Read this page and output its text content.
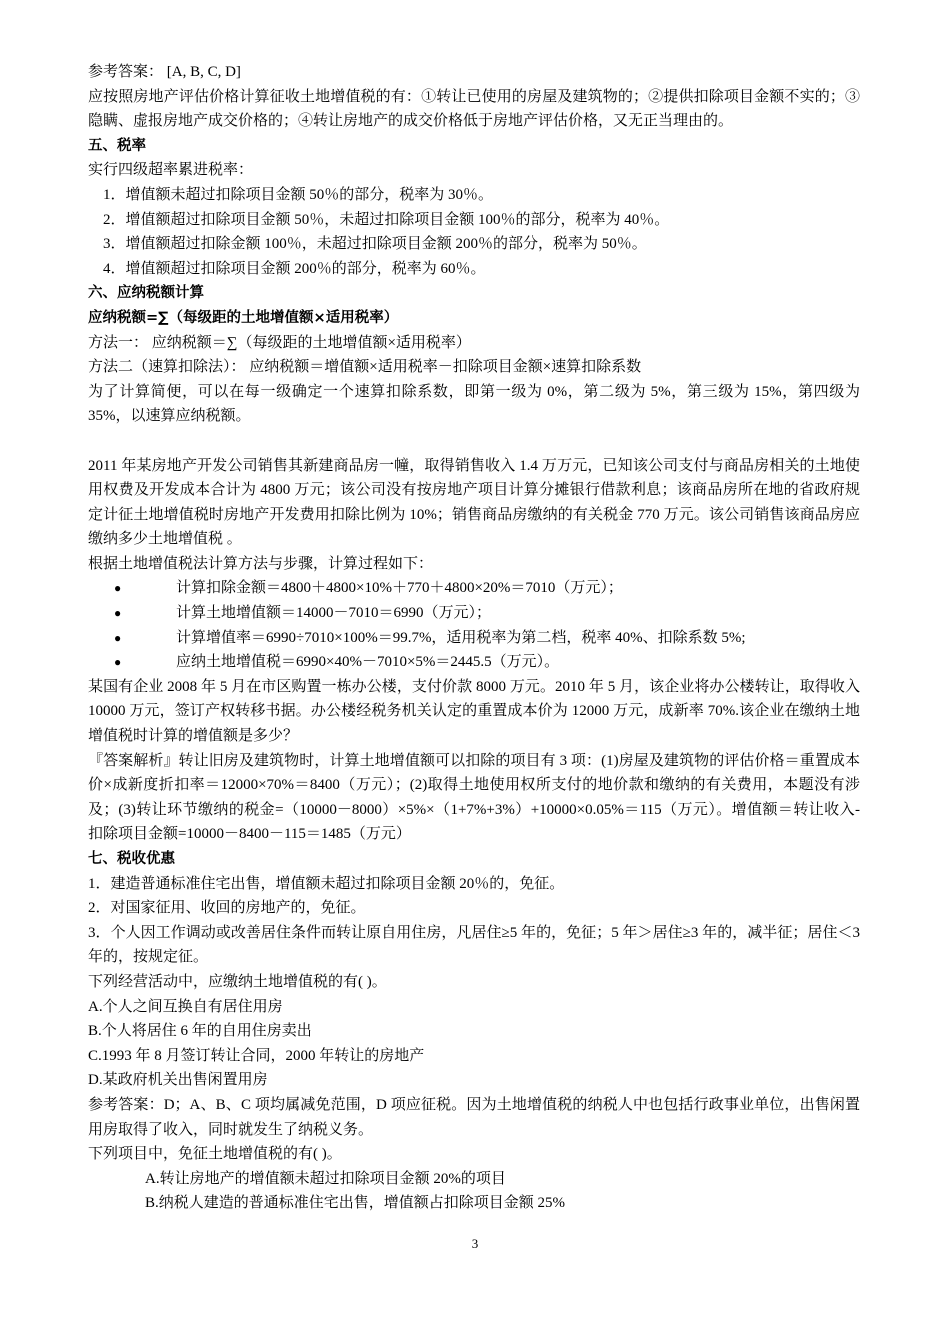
参考答案： [A, B, C, D]

应按照房地产评估价格计算征收土地增值税的有：①转让已使用的房屋及建筑物的；②提供扣除项目金额不实的；③隐瞒、虚报房地产成交价格的；④转让房地产的成交价格低于房地产评估价格，又无正当理由的。

五、税率

实行四级超率累进税率：

1．增值额未超过扣除项目金额 50％的部分，税率为 30％。

2．增值额超过扣除项目金额 50％，未超过扣除项目金额 100％的部分，税率为 40％。

3．增值额超过扣除金额 100％，未超过扣除项目金额 200％的部分，税率为 50％。

4．增值额超过扣除项目金额 200％的部分，税率为 60％。

六、应纳税额计算

应纳税额=∑（每级距的土地增值额×适用税率）

方法一： 应纳税额＝∑（每级距的土地增值额×适用税率）

方法二（速算扣除法）： 应纳税额＝增值额×适用税率－扣除项目金额×速算扣除系数

为了计算简便，可以在每一级确定一个速算扣除系数，即第一级为 0%，第二级为 5%，第三级为 15%，第四级为 35%，以速算应纳税额。

2011 年某房地产开发公司销售其新建商品房一幢，取得销售收入 1.4 万万元，已知该公司支付与商品房相关的土地使用权费及开发成本合计为 4800 万元；该公司没有按房地产项目计算分摊银行借款利息；该商品房所在地的省政府规定计征土地增值税时房地产开发费用扣除比例为 10%；销售商品房缴纳的有关税金 770 万元。该公司销售该商品房应缴纳多少土地增值税 。

根据土地增值税法计算方法与步骤，计算过程如下：

●	计算扣除金额＝4800＋4800×10%＋770＋4800×20%＝7010（万元）；
●	计算土地增值额＝14000－7010＝6990（万元）；
●	计算增值率＝6990÷7010×100%＝99.7%，适用税率为第二档，税率 40%、扣除系数 5%;
●	应纳土地增值税＝6990×40%－7010×5%＝2445.5（万元）。

某国有企业 2008 年 5 月在市区购置一栋办公楼，支付价款 8000 万元。2010 年 5 月，该企业将办公楼转让，取得收入 10000 万元，签订产权转移书据。办公楼经税务机关认定的重置成本价为 12000 万元，成新率 70%.该企业在缴纳土地增值税时计算的增值额是多少？

『答案解析』转让旧房及建筑物时，计算土地增值额可以扣除的项目有 3 项：(1)房屋及建筑物的评估价格＝重置成本价×成新度折扣率＝12000×70%＝8400（万元）；(2)取得土地使用权所支付的地价款和缴纳的有关费用，本题没有涉及；(3)转让环节缴纳的税金=（10000－8000）×5%×（1+7%+3%）+10000×0.05%＝115（万元）。增值额＝转让收入-扣除项目金额=10000－8400－115＝1485（万元）

七、税收优惠

1．建造普通标准住宅出售，增值额未超过扣除项目金额 20％的，免征。

2．对国家征用、收回的房地产的，免征。

3．个人因工作调动或改善居住条件而转让原自用住房，凡居住≥5 年的，免征；5 年＞居住≥3 年的，减半征；居住＜3 年的，按规定征。

下列经营活动中，应缴纳土地增值税的有( )。

A.个人之间互换自有居住用房

B.个人将居住 6 年的自用住房卖出

C.1993 年 8 月签订转让合同，2000 年转让的房地产

D.某政府机关出售闲置用房

参考答案：D；A、B、C 项均属减免范围，D 项应征税。因为土地增值税的纳税人中也包括行政事业单位，出售闲置用房取得了收入，同时就发生了纳税义务。

下列项目中，免征土地增值税的有( )。

A.转让房地产的增值额未超过扣除项目金额 20%的项目

B.纳税人建造的普通标准住宅出售，增值额占扣除项目金额 25%

3
